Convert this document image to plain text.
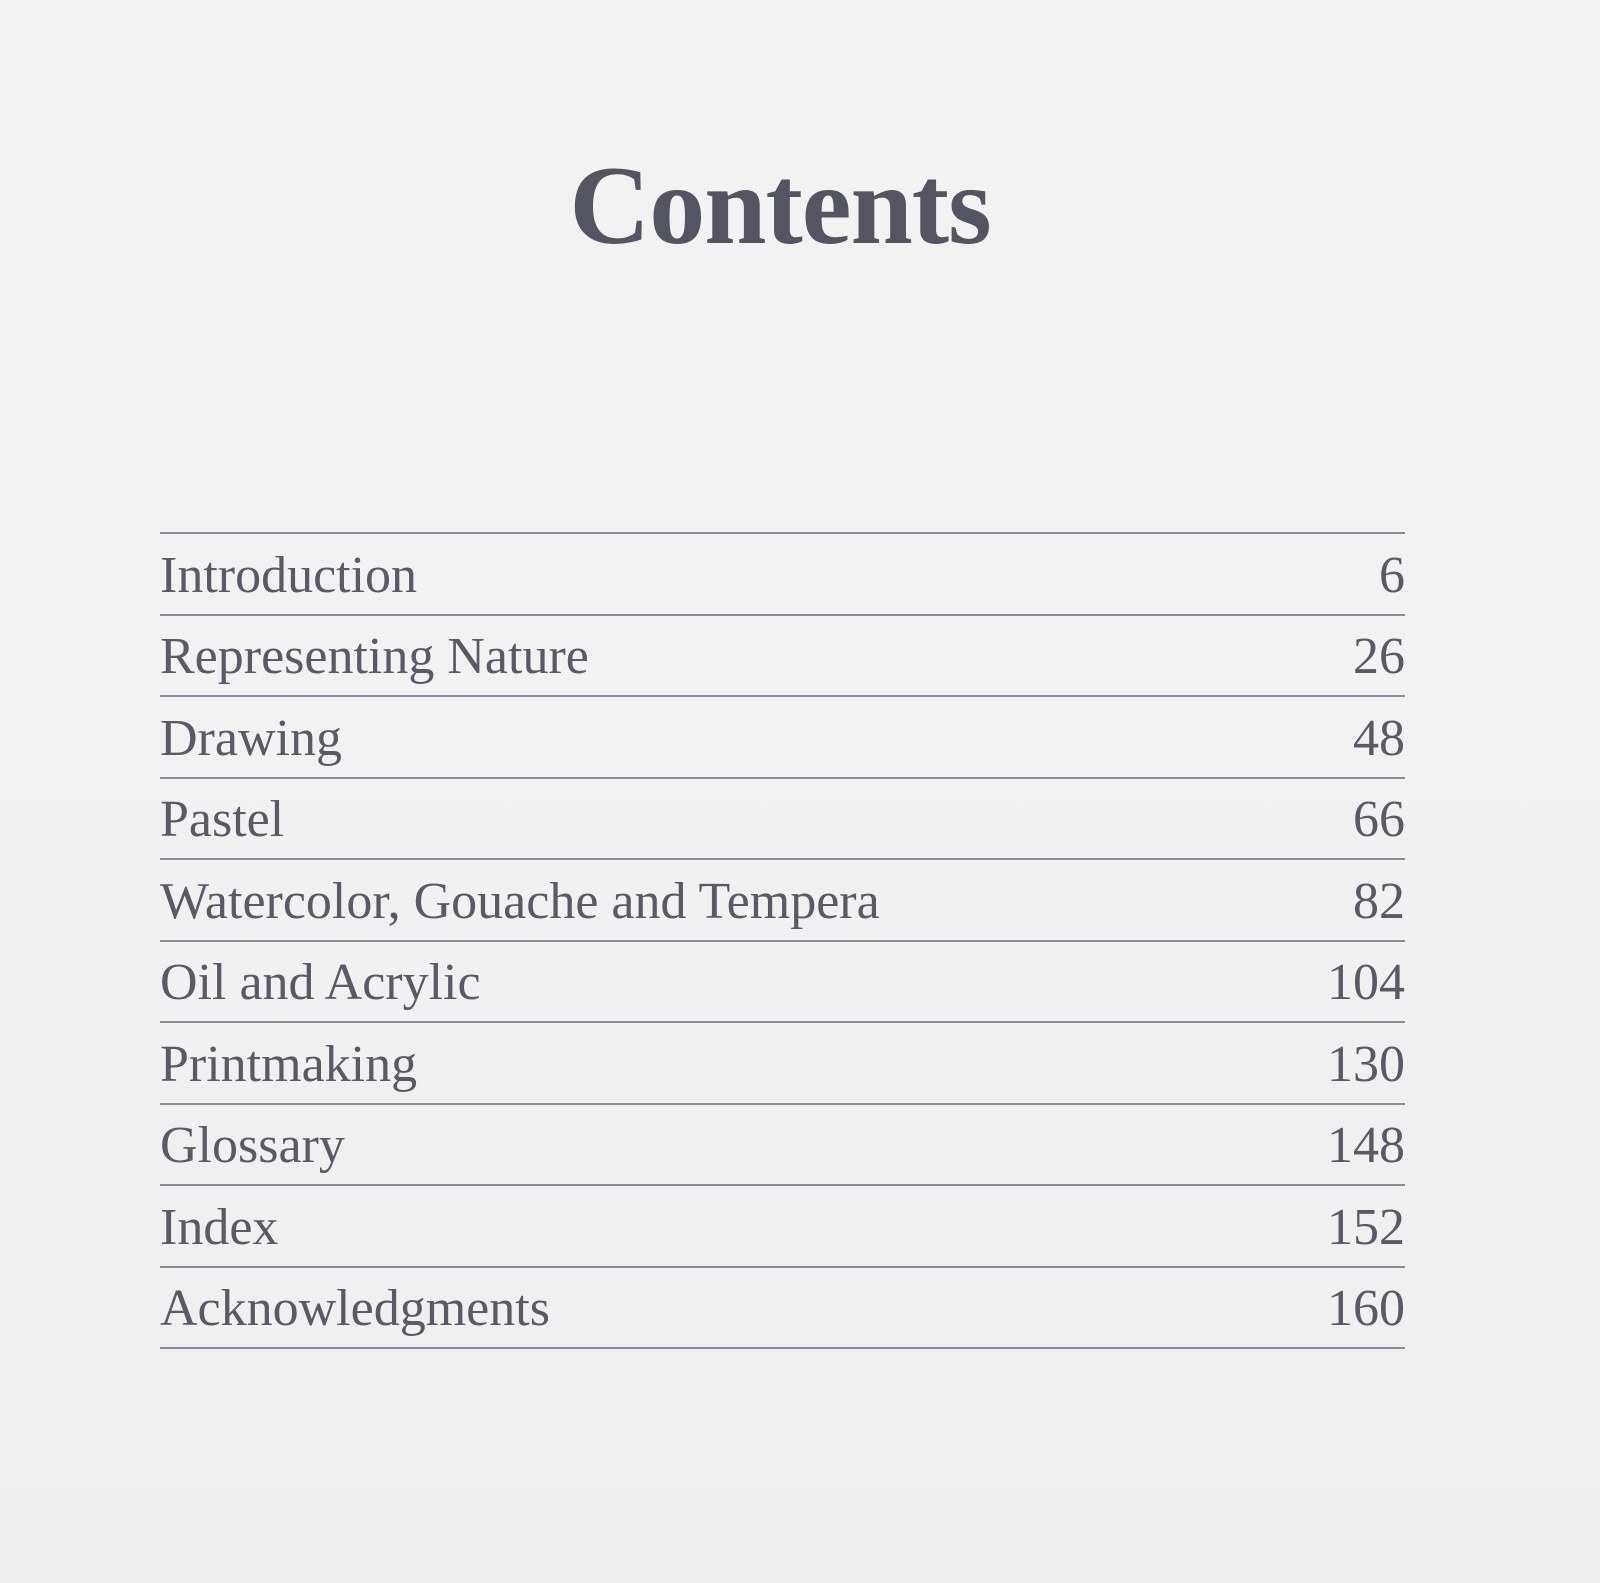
Contents
Introduction	6
Representing Nature	26
Drawing	48
Pastel	66
Watercolor, Gouache and Tempera	82
Oil and Acrylic	104
Printmaking	130
Glossary	148
Index	152
Acknowledgments	160
